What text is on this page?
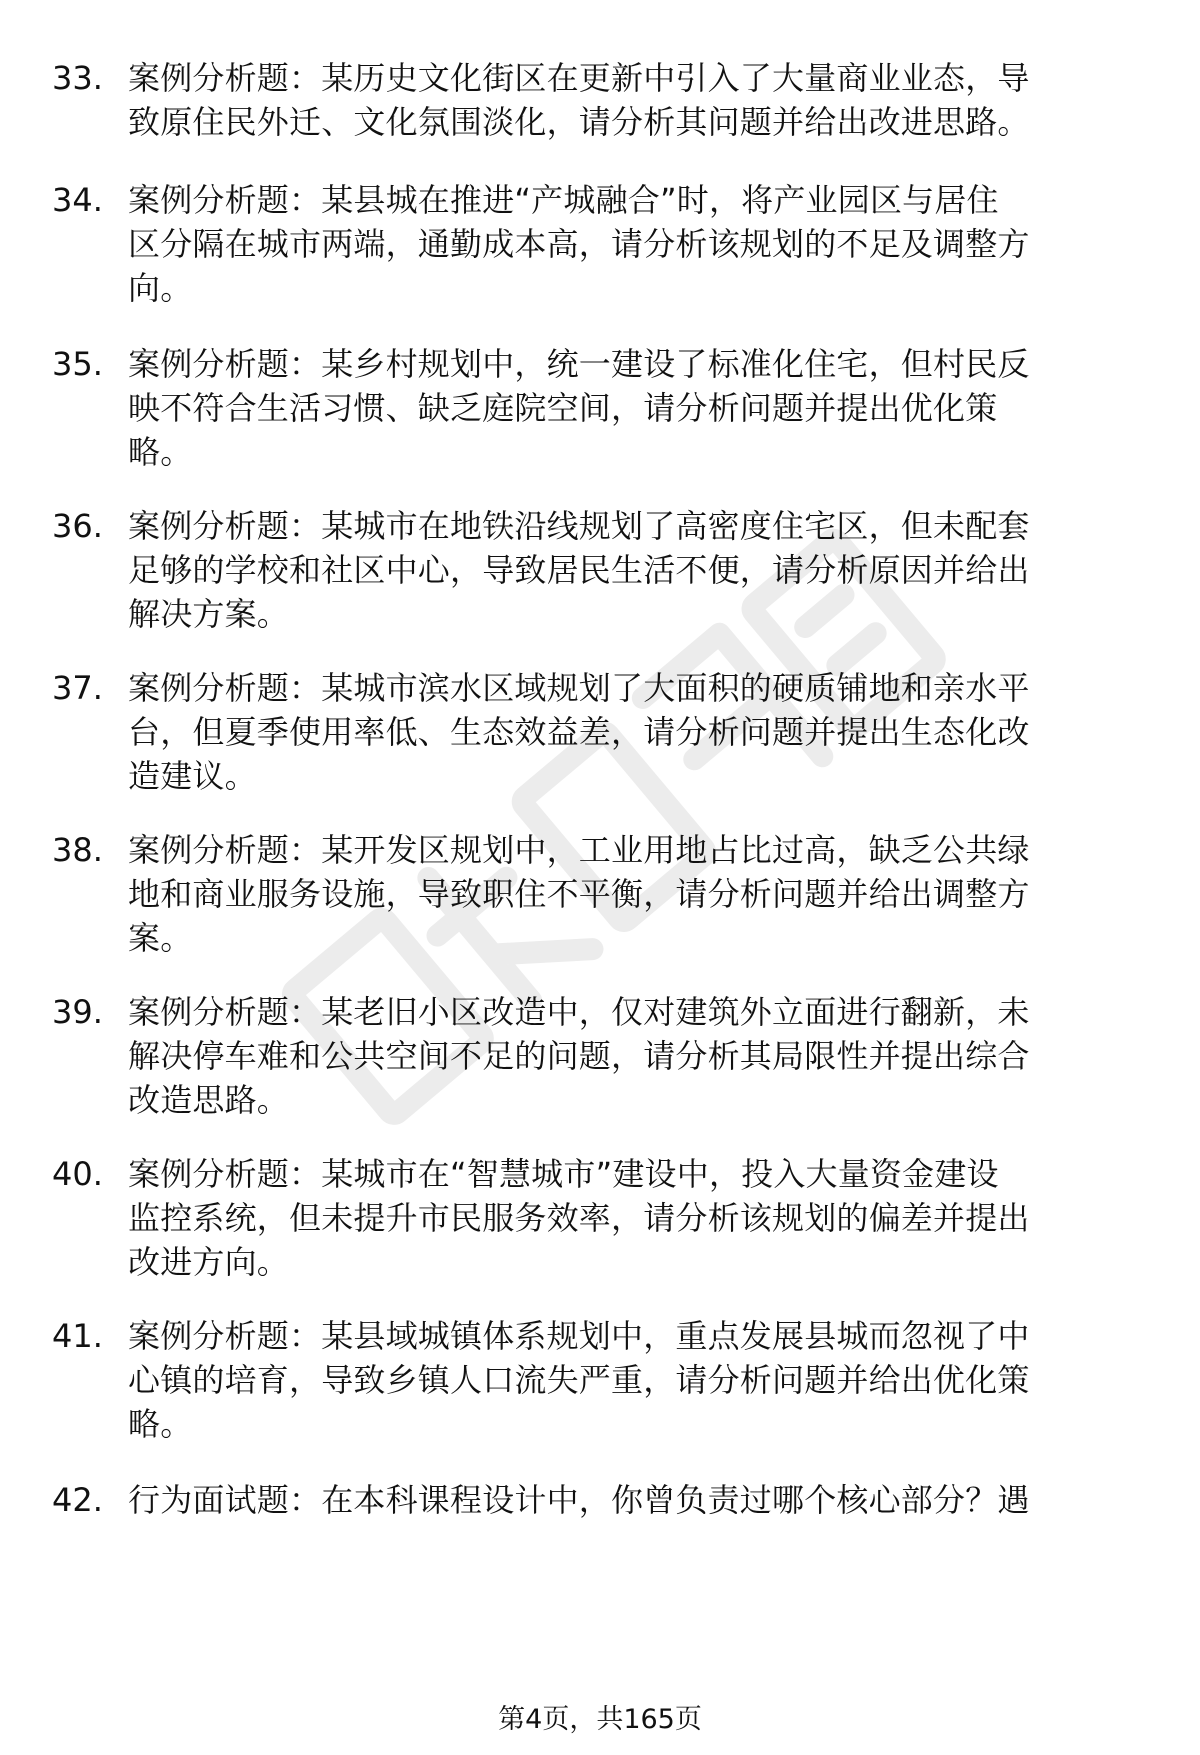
33. 案例分析题：某历史文化街区在更新中引入了大量商业业态，导
致原住民外迁、文化氛围淡化，请分析其问题并给出改进思路。
34. 案例分析题：某县城在推进“产城融合”时，将产业园区与居住
区分隔在城市两端，通勤成本高，请分析该规划的不足及调整方
向。
35. 案例分析题：某乡村规划中，统一建设了标准化住宅，但村民反
映不符合生活习惯、缺乏庭院空间，请分析问题并提出优化策
略。
36. 案例分析题：某城市在地铁沿线规划了高密度住宅区，但未配套
足够的学校和社区中心，导致居民生活不便，请分析原因并给出
解决方案。
37. 案例分析题：某城市滨水区域规划了大面积的硬质铺地和亲水平
台，但夏季使用率低、生态效益差，请分析问题并提出生态化改
造建议。
38. 案例分析题：某开发区规划中，工业用地占比过高，缺乏公共绿
地和商业服务设施，导致职住不平衡，请分析问题并给出调整方
案。
39. 案例分析题：某老旧小区改造中，仅对建筑外立面进行翻新，未
解决停车难和公共空间不足的问题，请分析其局限性并提出综合
改造思路。
40. 案例分析题：某城市在“智慧城市”建设中，投入大量资金建设
监控系统，但未提升市民服务效率，请分析该规划的偏差并提出
改进方向。
41. 案例分析题：某县域城镇体系规划中，重点发展县城而忽视了中
心镇的培育，导致乡镇人口流失严重，请分析问题并给出优化策
略。
42. 行为面试题：在本科课程设计中，你曾负责过哪个核心部分？遇
第4页，共165页
